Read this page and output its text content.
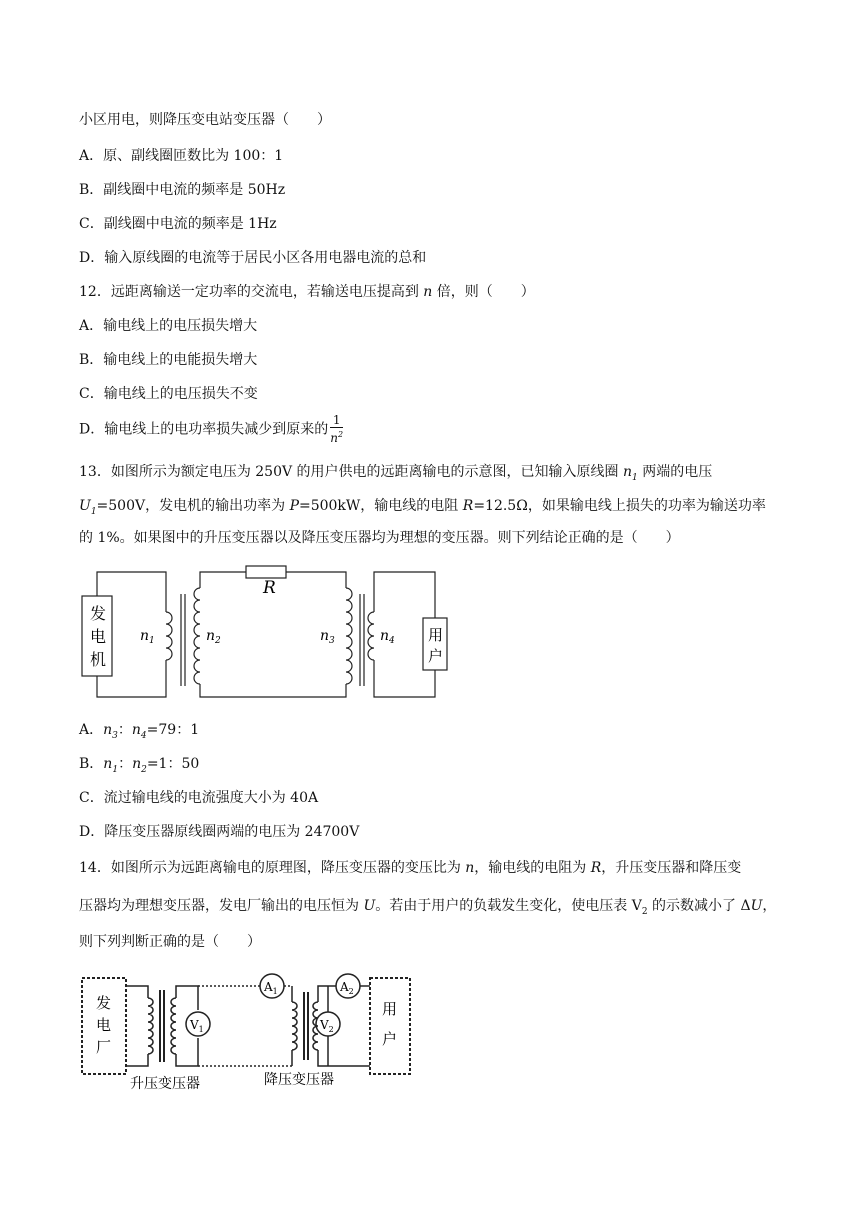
小区用电，则降压变电站变压器（　　）
A．原、副线圈匝数比为 100：1
B．副线圈中电流的频率是 50Hz
C．副线圈中电流的频率是 1Hz
D．输入原线圈的电流等于居民小区各用电器电流的总和
12．远距离输送一定功率的交流电，若输送电压提高到 n 倍，则（　　）
A．输电线上的电压损失增大
B．输电线上的电能损失增大
C．输电线上的电压损失不变
D．输电线上的电功率损失减少到原来的 $\frac{1}{n^2}$
13．如图所示为额定电压为 250V 的用户供电的远距离输电的示意图，已知输入原线圈 $n_1$ 两端的电压
$U_1=500V$，发电机的输出功率为 P=500kW，输电线的电阻 R=12.5Ω，如果输电线上损失的功率为输送功率
的 1%。如果图中的升压变压器以及降压变压器均为理想的变压器。则下列结论正确的是（　　）
R
发
电
机
用
户
$n_1$	$n_2$	$n_3$	$n_4$
A．$n_3$：$n_4=79$：1
B．$n_1$：$n_2=1$：50
C．流过输电线的电流强度大小为 40A
D．降压变压器原线圈两端的电压为 24700V
14．如图所示为远距离输电的原理图，降压变压器的变压比为 n，输电线的电阻为 R，升压变压器和降压变
压器均为理想变压器，发电厂输出的电压恒为 U。若由于用户的负载发生变化，使电压表 $V_2$ 的示数减小了 ΔU，
则下列判断正确的是（　　）
发
电
厂
用
户
$V_1$	$V_2$
$A_1$	$A_2$
升压变压器	降压变压器
